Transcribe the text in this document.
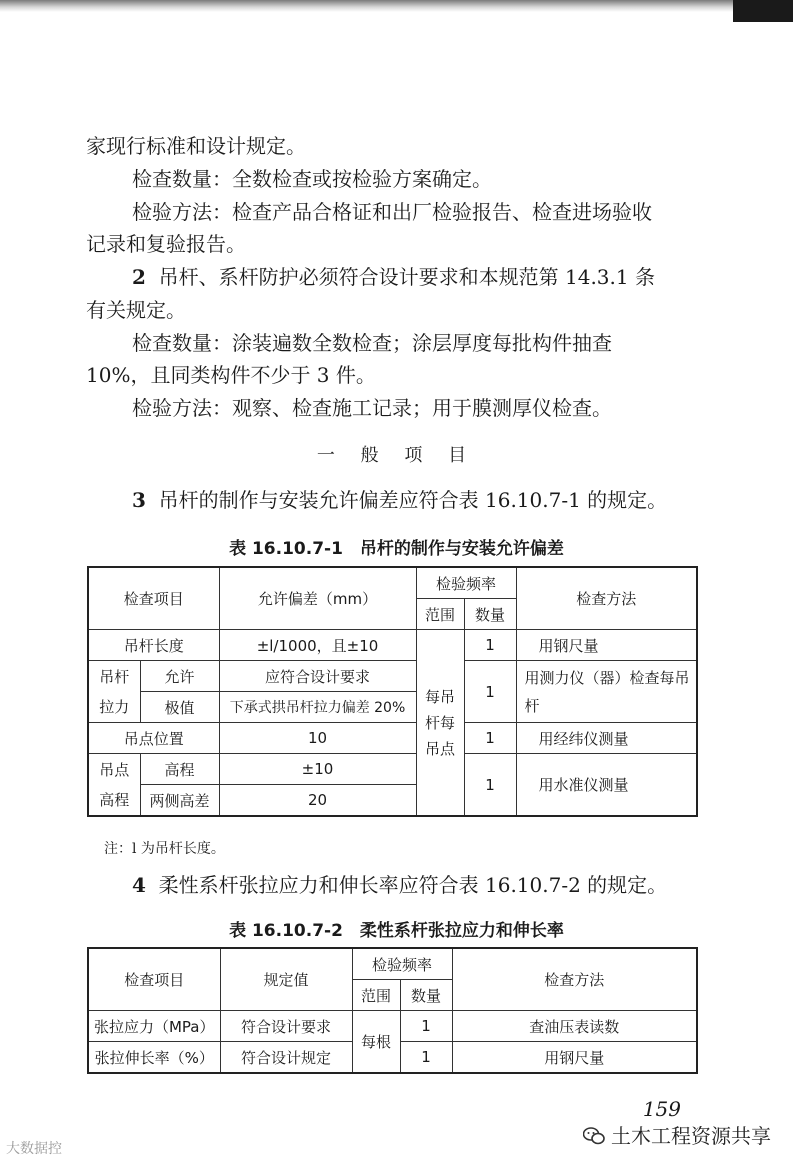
家现行标准和设计规定。
检查数量：全数检查或按检验方案确定。
检验方法：检查产品合格证和出厂检验报告、检查进场验收
记录和复验报告。
2 吊杆、系杆防护必须符合设计要求和本规范第 14.3.1 条
有关规定。
检查数量：涂装遍数全数检查；涂层厚度每批构件抽查
10%，且同类构件不少于 3 件。
检验方法：观察、检查施工记录；用于膜测厚仪检查。
一 般 项 目
3 吊杆的制作与安装允许偏差应符合表 16.10.7-1 的规定。
表 16.10.7-1　吊杆的制作与安装允许偏差
检查项目		允许偏差（mm）	检验频率		检查方法
			范围	数量	
吊杆长度		±l/1000，且±10	每吊杆每吊点	1	用钢尺量
吊杆拉力	允许	应符合设计要求		1	用测力仪（器）检查每吊杆
	极值	下承式拱吊杆拉力偏差 20%			
吊点位置		10		1	用经纬仪测量
吊点高程	高程	±10		1	用水准仪测量
	两侧高差	20			
注：l 为吊杆长度。
4 柔性系杆张拉应力和伸长率应符合表 16.10.7-2 的规定。
表 16.10.7-2　柔性系杆张拉应力和伸长率
检查项目	规定值	检验频率		检查方法
		范围	数量	
张拉应力（MPa）	符合设计要求	每根	1	查油压表读数
张拉伸长率（%）	符合设计规定		1	用钢尺量
159
大数据控
土木工程资源共享
